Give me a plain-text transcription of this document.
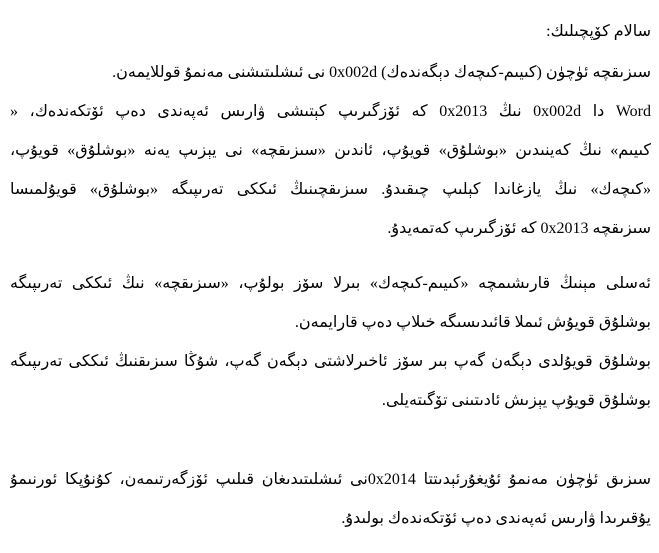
سالام كۆپچىلىك:
سىزىقچە ئۈچۈن (كىيىم-كىچەك دېگەندەك) 0x002d نى ئىشلىتىشنى مەنمۇ قوللايمەن.
Word دا 0x002d نىڭ 0x2013 كە ئۆزگىرىپ كېتىشى ۋارىس ئەپەندى دەپ ئۆتكەندەك، «
كىيىم» نىڭ كەينىدىن «بوشلۇق» قويۇپ، ئاندىن «سىزىقچە» نى يېزىپ يەنە «بوشلۇق» قويۇپ،
«كىچەك» نىڭ يازغاندا كېلىپ چىقىدۇ. سىزىقچىنىڭ ئىككى تەرىپىگە «بوشلۇق» قويۇلمىسا
سىزىقچە 0x2013 كە ئۆزگىرىپ كەتمەيدۇ.
ئەسلى مېنىڭ قارىشىمچە «كىيىم-كىچەك» بىرلا سۆز بولۇپ، «سىزىقچە» نىڭ ئىككى تەرىپىگە
بوشلۇق قويۇش ئىملا قائىدىسىگە خىلاپ دەپ قارايمەن.
بوشلۇق قويۇلدى دېگەن گەپ بىر سۆز ئاخىرلاشتى دېگەن گەپ، شۇڭا سىزىقنىڭ ئىككى تەرىپىگە
بوشلۇق قويۇپ يېزىش ئادىتىنى تۆگىتەيلى.
سىزىق ئۈچۈن مەنمۇ ئۇيغۇرئېدىتتا 0x2014نى ئىشلىتىدىغان قىلىپ ئۆزگەرتىمەن، كۇنۇپكا ئورنىمۇ
يۇقىرىدا ۋارىس ئەپەندى دەپ ئۆتكەندەك بولىدۇ.
